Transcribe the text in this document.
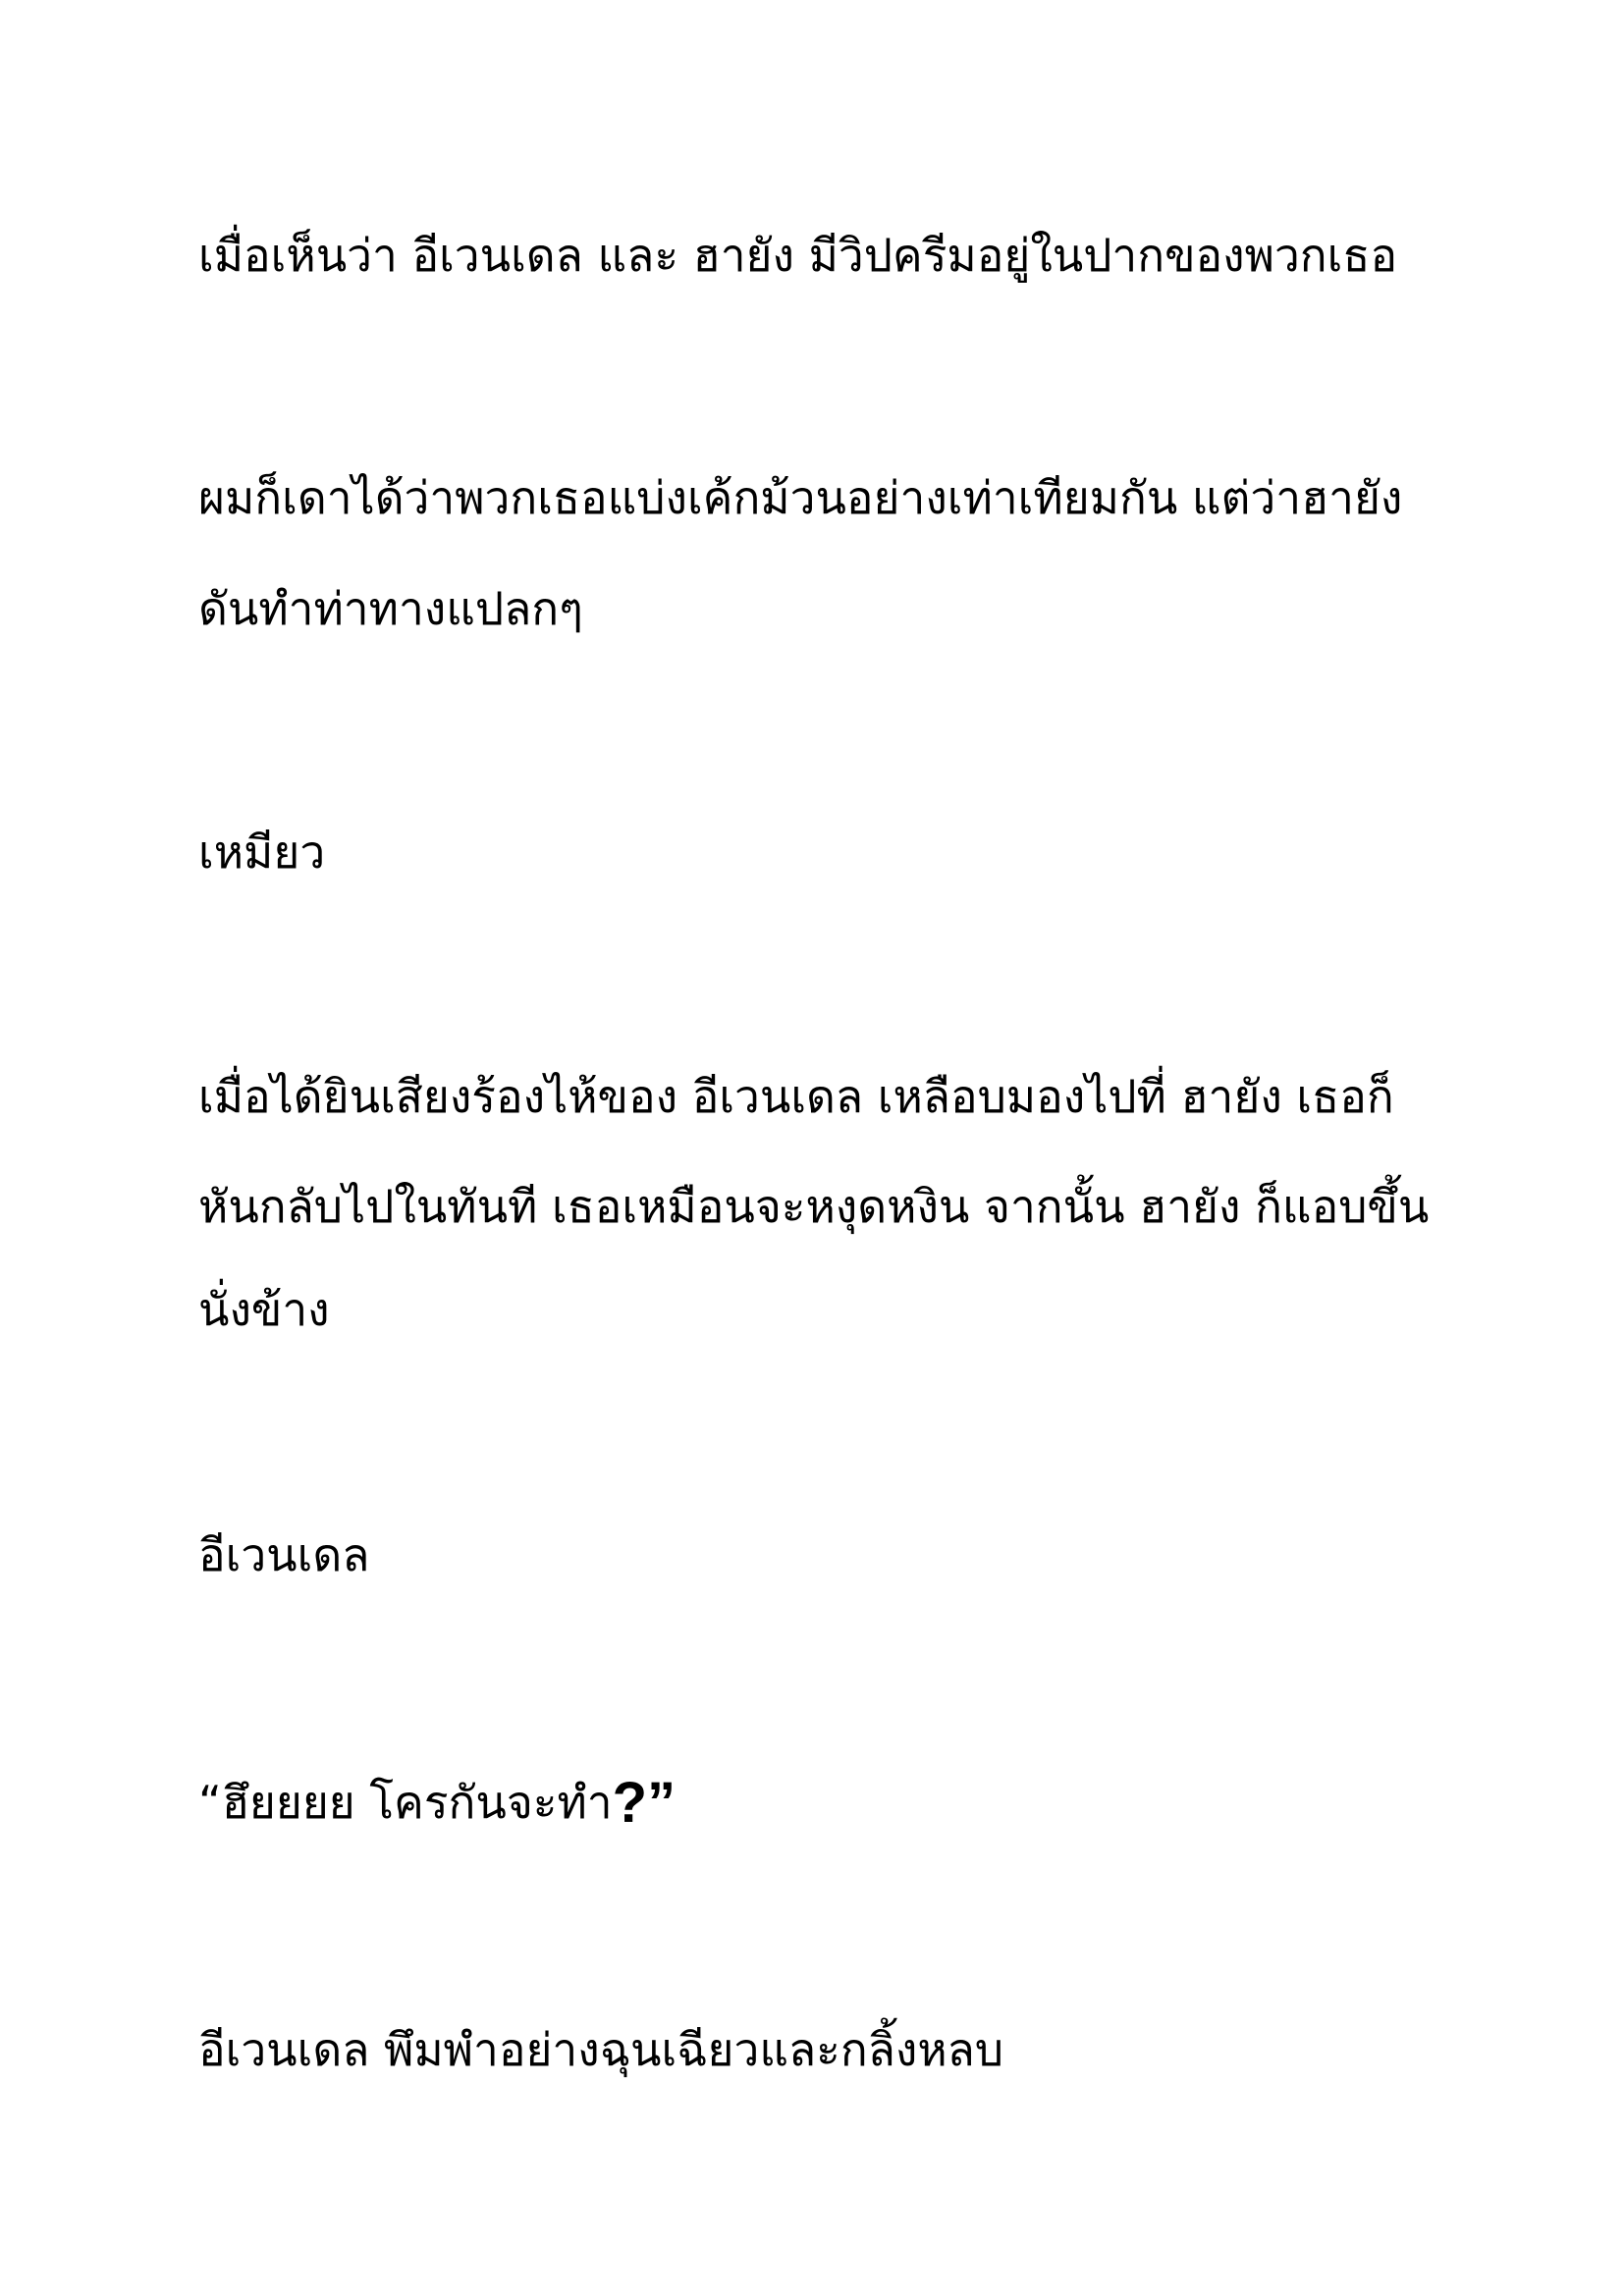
เมื่อเห็นว่า อีเวนเดล และ ฮายัง มีวิปครีมอยู่ในปากของพวกเธอ
ผมก็เดาได้ว่าพวกเธอแบ่งเค้กม้วนอย่างเท่าเทียมกัน แต่ว่าฮายัง
ดันทำท่าทางแปลกๆ
เหมียว
เมื่อได้ยินเสียงร้องไห้ของ อีเวนเดล เหลือบมองไปที่ ฮายัง เธอก็
หันกลับไปในทันที เธอเหมือนจะหงุดหงิน จากนั้น ฮายัง ก็แอบขึ้น
นั่งข้าง
อีเวนเดล
“ฮึยยยย โครกันจะทำ?”
อีเวนเดล พึมพำอย่างฉุนเฉียวและกลิ้งหลบ
